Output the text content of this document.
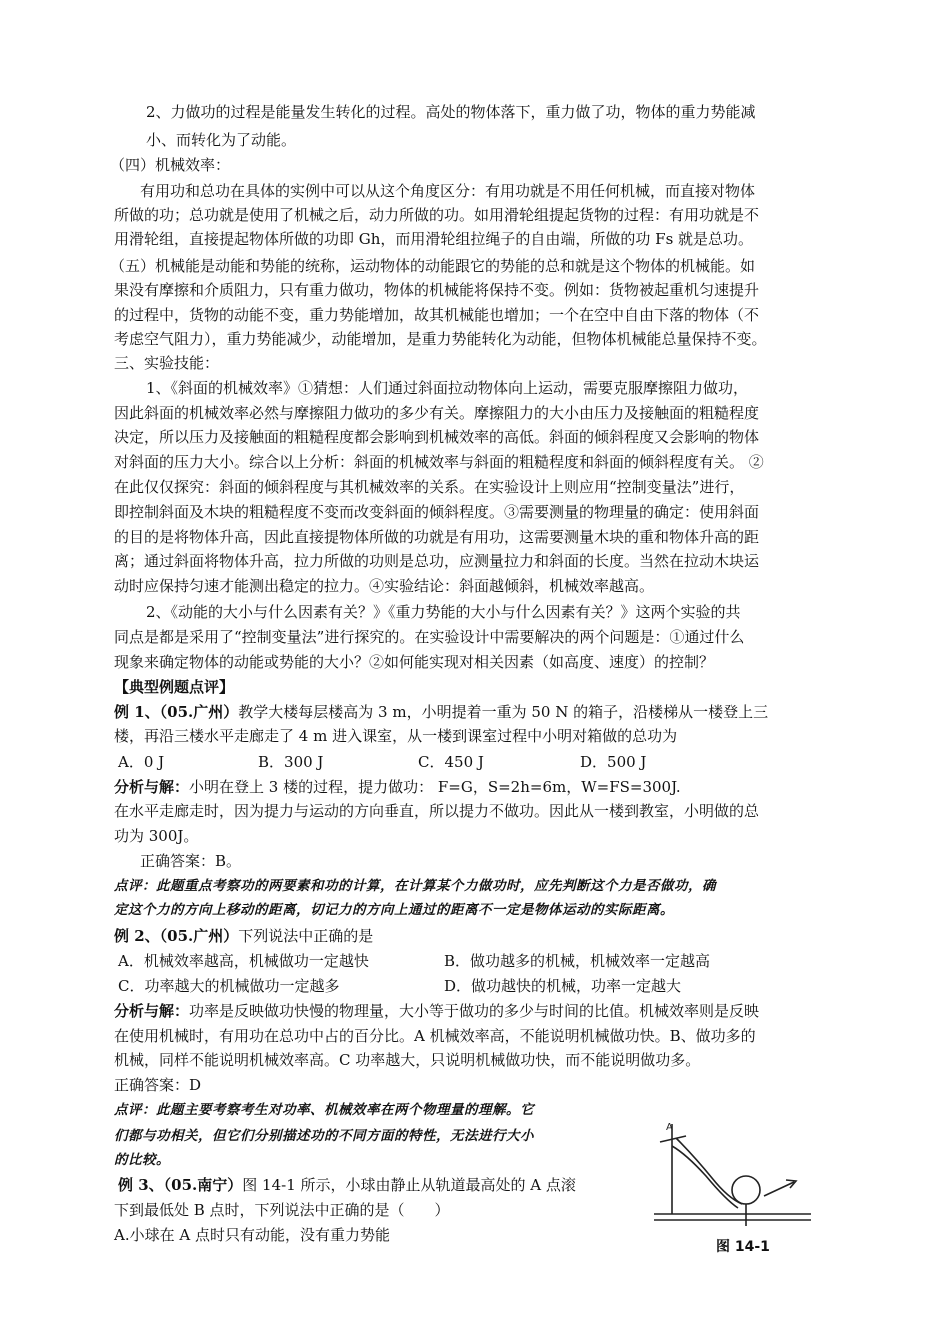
2、力做功的过程是能量发生转化的过程。高处的物体落下，重力做了功，物体的重力势能减
小、而转化为了动能。
（四）机械效率：
有用功和总功在具体的实例中可以从这个角度区分：有用功就是不用任何机械，而直接对物体
所做的功；总功就是使用了机械之后，动力所做的功。如用滑轮组提起货物的过程：有用功就是不
用滑轮组，直接提起物体所做的功即 Gh，而用滑轮组拉绳子的自由端，所做的功 Fs 就是总功。
（五）机械能是动能和势能的统称，运动物体的动能跟它的势能的总和就是这个物体的机械能。如
果没有摩擦和介质阻力，只有重力做功，物体的机械能将保持不变。例如：货物被起重机匀速提升
的过程中，货物的动能不变，重力势能增加，故其机械能也增加；一个在空中自由下落的物体（不
考虑空气阻力），重力势能减少，动能增加，是重力势能转化为动能，但物体机械能总量保持不变。
三、实验技能：
1、《斜面的机械效率》①猜想：人们通过斜面拉动物体向上运动，需要克服摩擦阻力做功，
因此斜面的机械效率必然与摩擦阻力做功的多少有关。摩擦阻力的大小由压力及接触面的粗糙程度
决定，所以压力及接触面的粗糙程度都会影响到机械效率的高低。斜面的倾斜程度又会影响的物体
对斜面的压力大小。综合以上分析：斜面的机械效率与斜面的粗糙程度和斜面的倾斜程度有关。 ②
在此仅仅探究：斜面的倾斜程度与其机械效率的关系。在实验设计上则应用“控制变量法”进行，
即控制斜面及木块的粗糙程度不变而改变斜面的倾斜程度。③需要测量的物理量的确定：使用斜面
的目的是将物体升高，因此直接提物体所做的功就是有用功，这需要测量木块的重和物体升高的距
离；通过斜面将物体升高，拉力所做的功则是总功，应测量拉力和斜面的长度。当然在拉动木块运
动时应保持匀速才能测出稳定的拉力。④实验结论：斜面越倾斜，机械效率越高。
2、《动能的大小与什么因素有关？》《重力势能的大小与什么因素有关？》这两个实验的共
同点是都是采用了“控制变量法”进行探究的。在实验设计中需要解决的两个问题是：①通过什么
现象来确定物体的动能或势能的大小？②如何能实现对相关因素（如高度、速度）的控制？
【典型例题点评】
例 1、（05.广州）教学大楼每层楼高为 3 m，小明提着一重为 50 N 的箱子，沿楼梯从一楼登上三
楼，再沿三楼水平走廊走了 4 m 进入课室，从一楼到课室过程中小明对箱做的总功为
A．0 J	B．300 J	C．450 J	D．500 J
分析与解：小明在登上 3 楼的过程，提力做功： F=G，S=2h=6m，W=FS=300J.
在水平走廊走时，因为提力与运动的方向垂直，所以提力不做功。因此从一楼到教室，小明做的总
功为 300J。
正确答案：B。
点评：此题重点考察功的两要素和功的计算，在计算某个力做功时，应先判断这个力是否做功，确
定这个力的方向上移动的距离，切记力的方向上通过的距离不一定是物体运动的实际距离。
例 2、（05.广州）下列说法中正确的是
A．机械效率越高，机械做功一定越快	B．做功越多的机械，机械效率一定越高
C．功率越大的机械做功一定越多	D．做功越快的机械，功率一定越大
分析与解：功率是反映做功快慢的物理量，大小等于做功的多少与时间的比值。机械效率则是反映
在使用机械时，有用功在总功中占的百分比。A 机械效率高，不能说明机械做功快。B、做功多的
机械，同样不能说明机械效率高。C 功率越大，只说明机械做功快，而不能说明做功多。
正确答案：D
点评：此题主要考察考生对功率、机械效率在两个物理量的理解。它
们都与功相关，但它们分别描述功的不同方面的特性，无法进行大小
的比较。
例 3、（05.南宁）图 14-1 所示，小球由静止从轨道最高处的 A 点滚
下到最低处 B 点时，下列说法中正确的是（　　）
A.小球在 A 点时只有动能，没有重力势能
A
图 14-1
